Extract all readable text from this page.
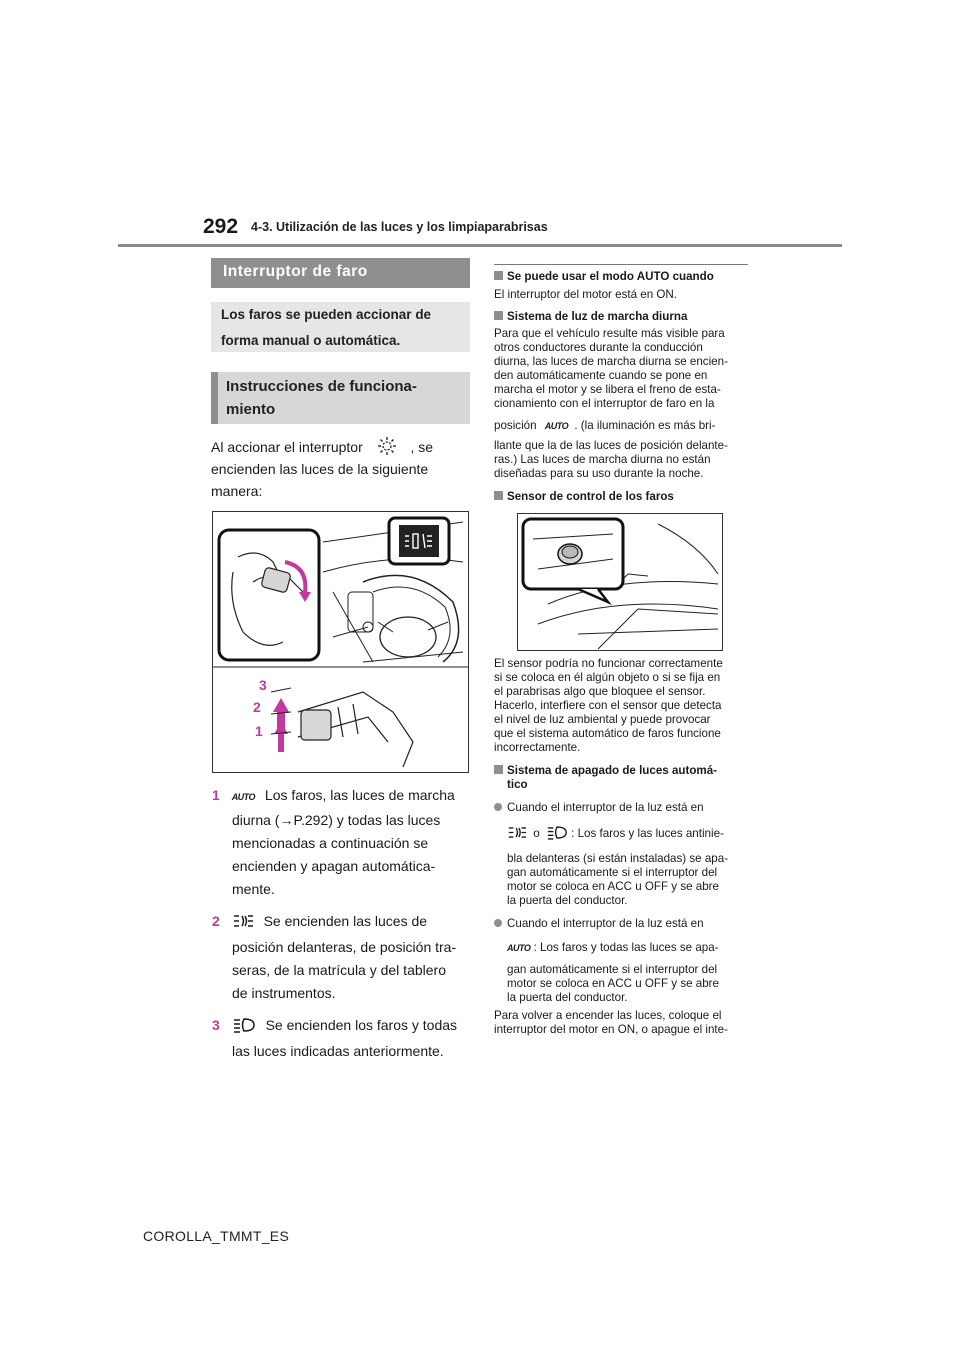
292 4-3. Utilización de las luces y los limpiaparabrisas
Interruptor de faro
Los faros se pueden accionar de
forma manual o automática.
Instrucciones de funciona-
miento
Al accionar el interruptor	, se
encienden las luces de la siguiente
manera:
3
2
1
1 AUTO Los faros, las luces de marcha
diurna (→P.292) y todas las luces
mencionadas a continuación se
encienden y apagan automática-
mente.
2	Se encienden las luces de
posición delanteras, de posición tra-
seras, de la matrícula y del tablero
de instrumentos.
3	Se encienden los faros y todas
las luces indicadas anteriormente.
Se puede usar el modo AUTO cuando
El interruptor del motor está en ON.
Sistema de luz de marcha diurna
Para que el vehículo resulte más visible para
otros conductores durante la conducción
diurna, las luces de marcha diurna se encien-
den automáticamente cuando se pone en
marcha el motor y se libera el freno de esta-
cionamiento con el interruptor de faro en la
posición AUTO . (la iluminación es más bri-
llante que la de las luces de posición delante-
ras.) Las luces de marcha diurna no están
diseñadas para su uso durante la noche.
Sensor de control de los faros
El sensor podría no funcionar correctamente
si se coloca en él algún objeto o si se fija en
el parabrisas algo que bloquee el sensor.
Hacerlo, interfiere con el sensor que detecta
el nivel de luz ambiental y puede provocar
que el sistema automático de faros funcione
incorrectamente.
Sistema de apagado de luces automá-
tico
Cuando el interruptor de la luz está en
o	: Los faros y las luces antinie-
bla delanteras (si están instaladas) se apa-
gan automáticamente si el interruptor del
motor se coloca en ACC u OFF y se abre
la puerta del conductor.
Cuando el interruptor de la luz está en
AUTO : Los faros y todas las luces se apa-
gan automáticamente si el interruptor del
motor se coloca en ACC u OFF y se abre
la puerta del conductor.
Para volver a encender las luces, coloque el
interruptor del motor en ON, o apague el inte-
COROLLA_TMMT_ES
